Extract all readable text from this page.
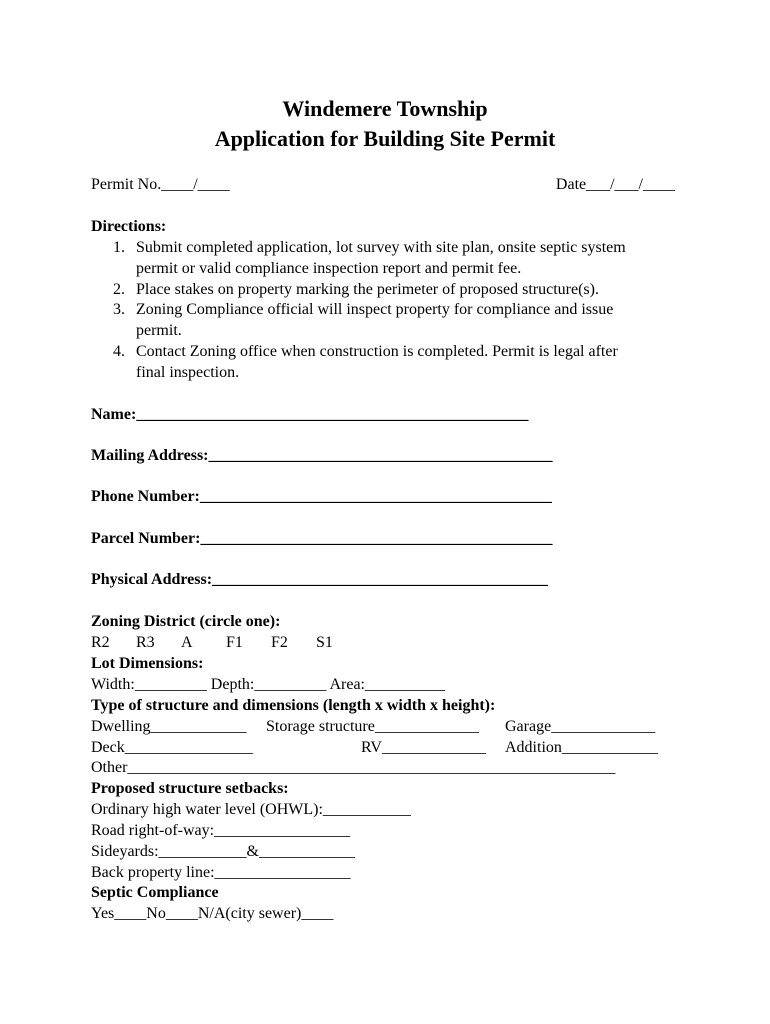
Windemere Township
Application for Building Site Permit
Permit No.____/____	Date___/___/____
Directions:
1. Submit completed application, lot survey with site plan, onsite septic system
permit or valid compliance inspection report and permit fee.
2. Place stakes on property marking the perimeter of proposed structure(s).
3. Zoning Compliance official will inspect property for compliance and issue
permit.
4. Contact Zoning office when construction is completed. Permit is legal after
final inspection.
Name:_________________________________________________
Mailing Address:___________________________________________
Phone Number:____________________________________________
Parcel Number:____________________________________________
Physical Address:__________________________________________
Zoning District (circle one):
R2 R3 A F1 F2 S1
Lot Dimensions:
Width:_________ Depth:_________ Area:__________
Type of structure and dimensions (length x width x height):
Dwelling____________ Storage structure_____________ Garage_____________
Deck________________	RV_____________ Addition____________
Other_____________________________________________________________
Proposed structure setbacks:
Ordinary high water level (OHWL):___________
Road right-of-way:_________________
Sideyards:___________&____________
Back property line:_________________
Septic Compliance
Yes____No____N/A(city sewer)____
